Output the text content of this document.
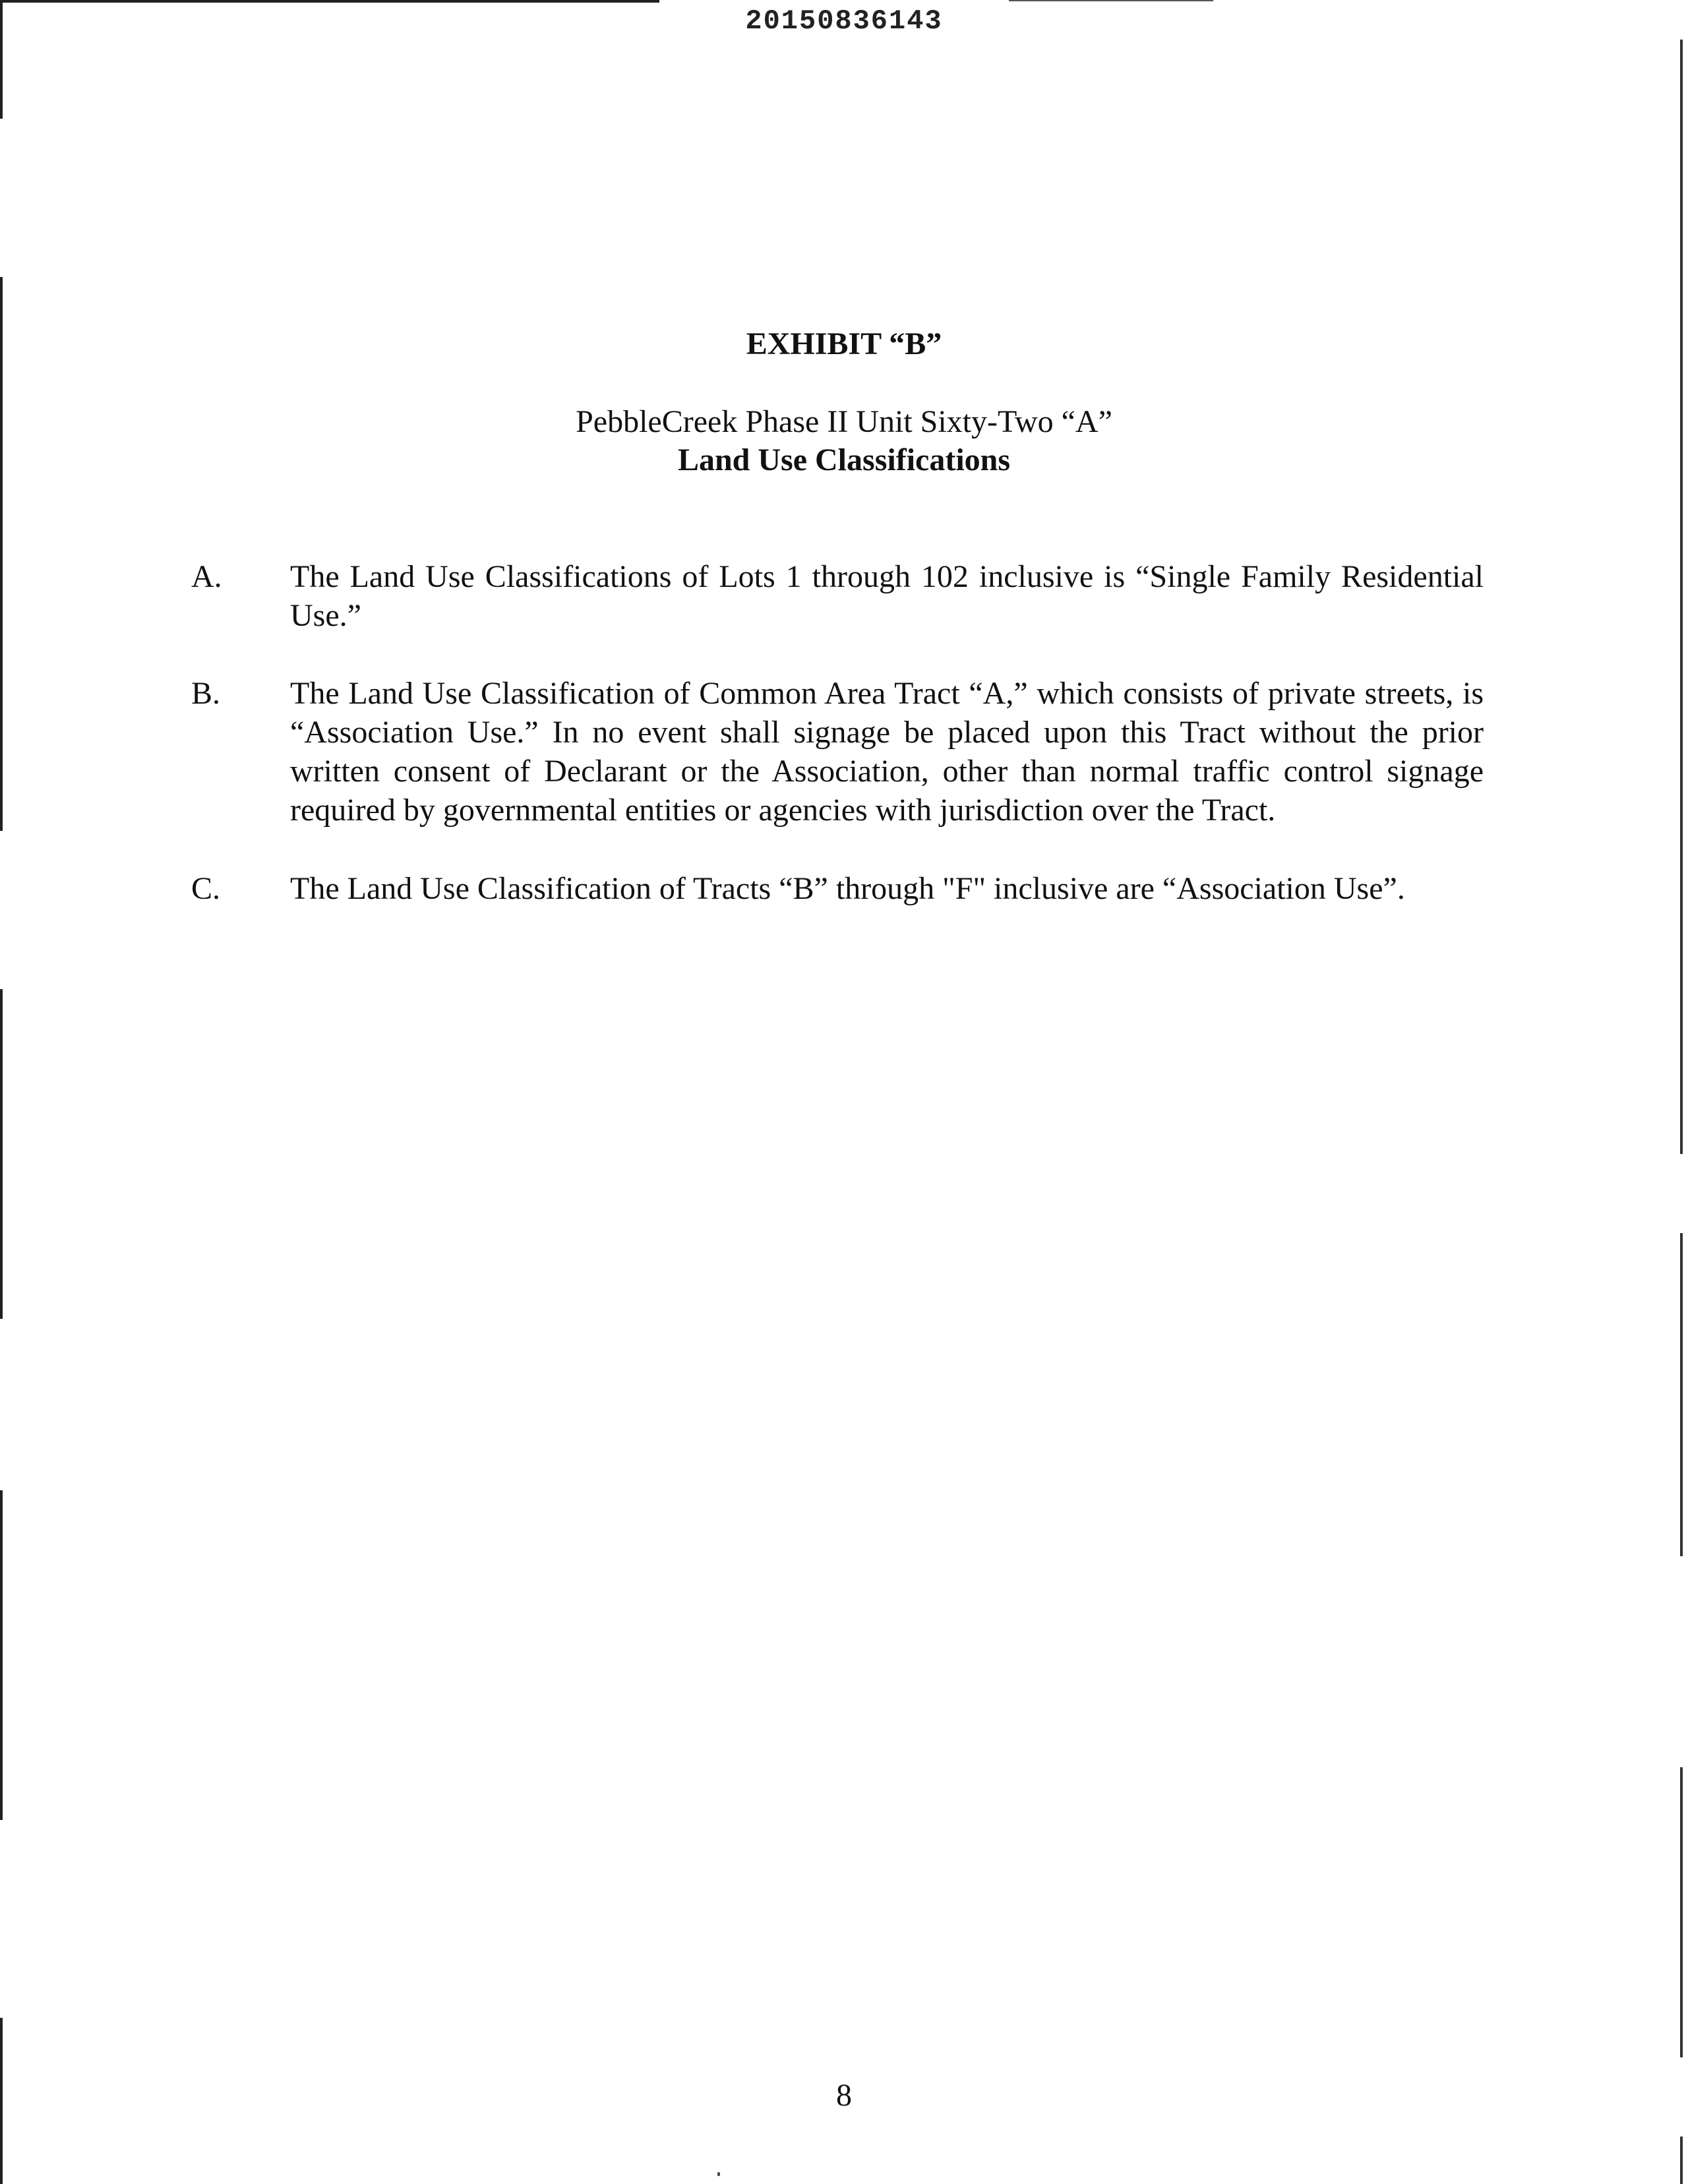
20150836143
EXHIBIT “B”
PebbleCreek Phase II Unit Sixty-Two “A”
Land Use Classifications
A. The Land Use Classifications of Lots 1 through 102 inclusive is “Single Family Residential Use.”
B. The Land Use Classification of Common Area Tract “A,” which consists of private streets, is “Association Use.” In no event shall signage be placed upon this Tract without the prior written consent of Declarant or the Association, other than normal traffic control signage required by governmental entities or agencies with jurisdiction over the Tract.
C. The Land Use Classification of Tracts “B” through "F" inclusive are “Association Use”.
8
